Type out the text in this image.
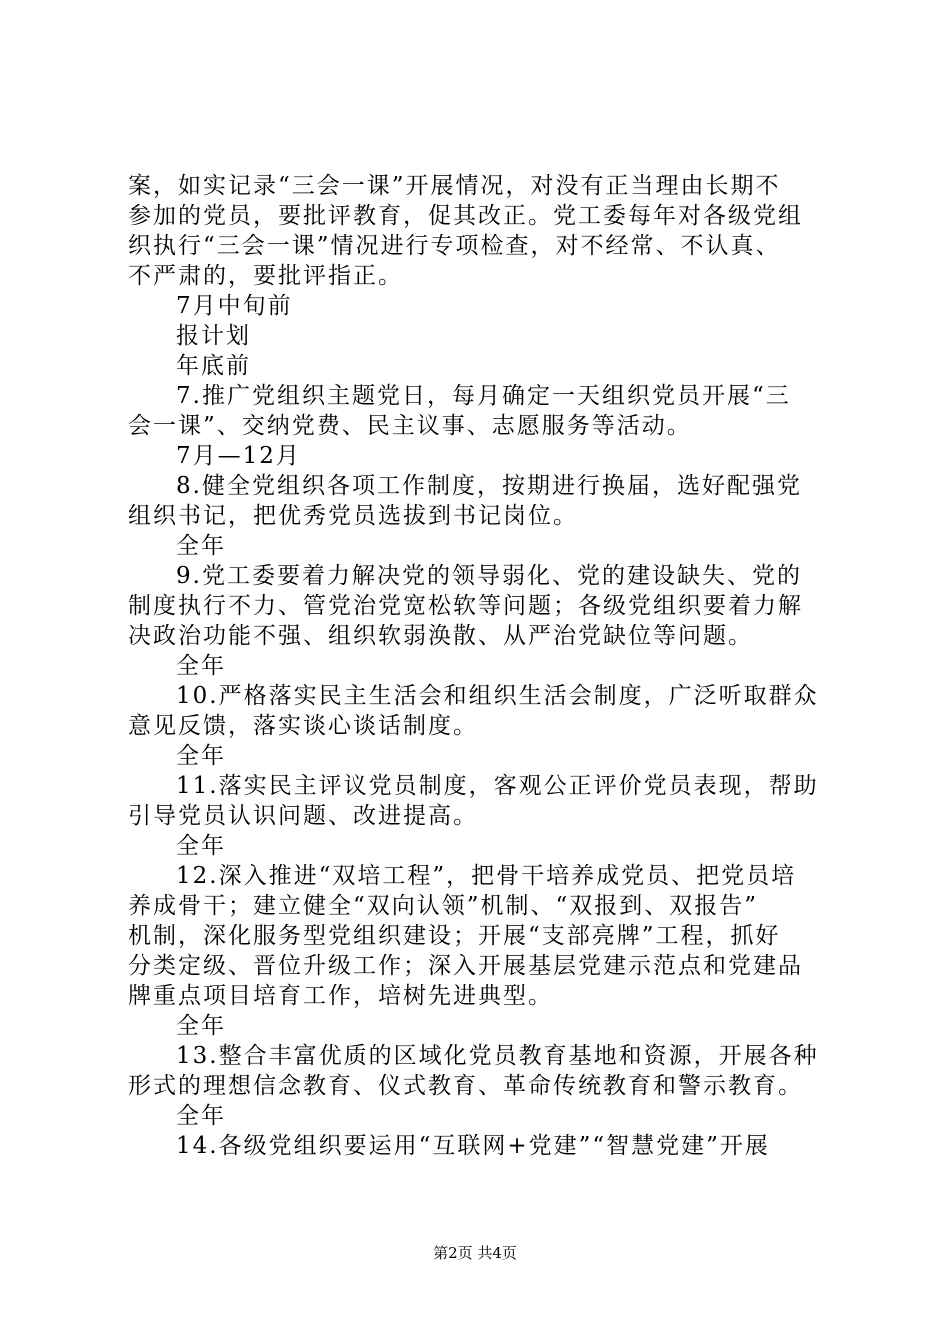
案，如实记录“三会一课”开展情况，对没有正当理由长期不
参加的党员，要批评教育，促其改正。党工委每年对各级党组
织执行“三会一课”情况进行专项检查，对不经常、不认真、
不严肃的，要批评指正。
7月中旬前
报计划
年底前
7.推广党组织主题党日，每月确定一天组织党员开展“三
会一课”、交纳党费、民主议事、志愿服务等活动。
7月—12月
8.健全党组织各项工作制度，按期进行换届，选好配强党
组织书记，把优秀党员选拔到书记岗位。
全年
9.党工委要着力解决党的领导弱化、党的建设缺失、党的
制度执行不力、管党治党宽松软等问题；各级党组织要着力解
决政治功能不强、组织软弱涣散、从严治党缺位等问题。
全年
10.严格落实民主生活会和组织生活会制度，广泛听取群众
意见反馈，落实谈心谈话制度。
全年
11.落实民主评议党员制度，客观公正评价党员表现，帮助
引导党员认识问题、改进提高。
全年
12.深入推进“双培工程”，把骨干培养成党员、把党员培
养成骨干；建立健全“双向认领”机制、“双报到、双报告”
机制，深化服务型党组织建设；开展“支部亮牌”工程，抓好
分类定级、晋位升级工作；深入开展基层党建示范点和党建品
牌重点项目培育工作，培树先进典型。
全年
13.整合丰富优质的区域化党员教育基地和资源，开展各种
形式的理想信念教育、仪式教育、革命传统教育和警示教育。
全年
14.各级党组织要运用“互联网+党建”“智慧党建”开展
第2页 共4页
